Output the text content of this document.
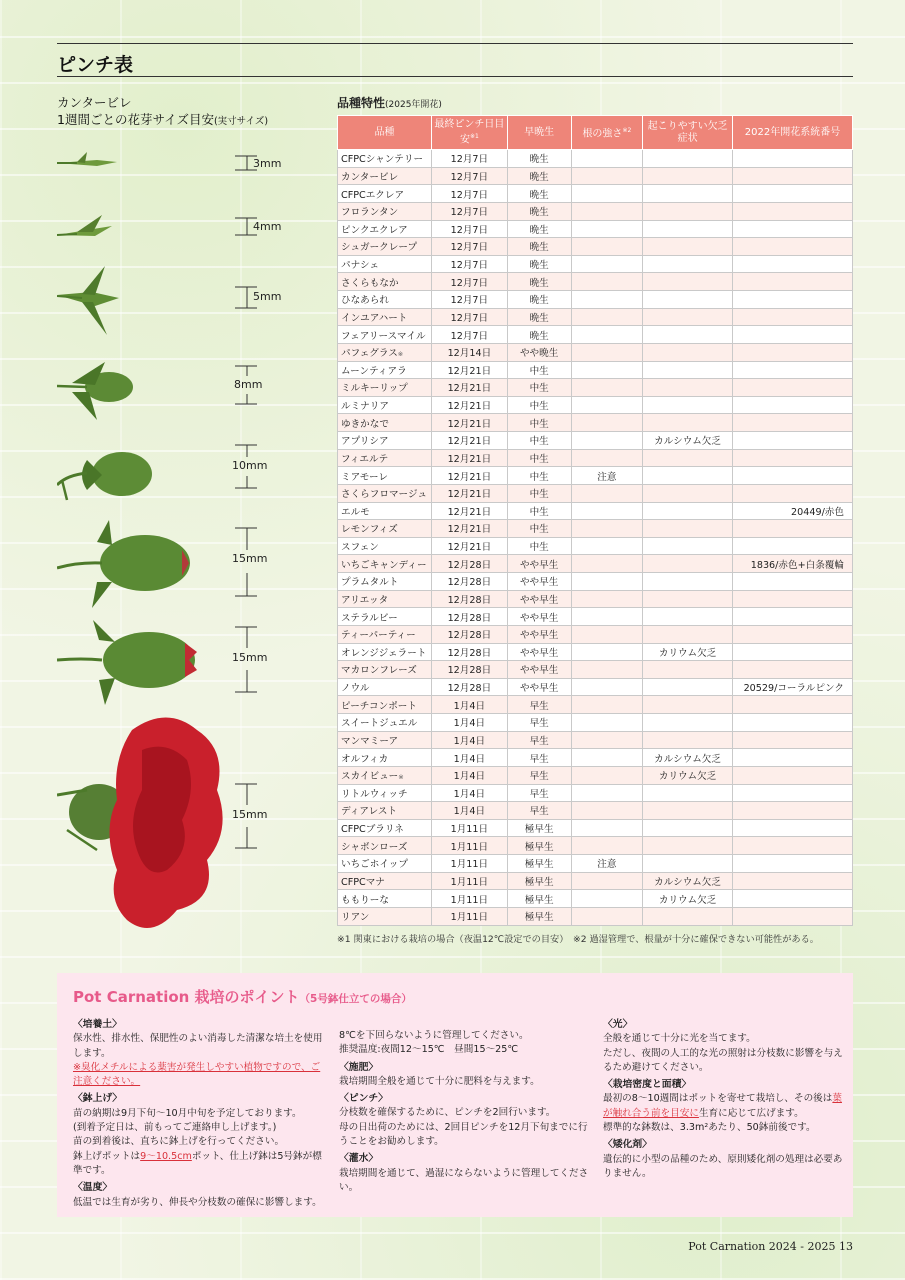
ピンチ表
カンタービレ
1週間ごとの花芽サイズ目安(実寸サイズ)
3mm
4mm
5mm
8mm
10mm
15mm
15mm
15mm
品種特性(2025年開花)
品種	最終ピンチ日目安$^{※1}$	早晩生	根の強さ$^{※2}$	起こりやすい欠乏症状	2022年開花系統番号
CFPCシャンテリー	12月7日	晩生			
カンタービレ	12月7日	晩生			
CFPCエクレア	12月7日	晩生			
フロランタン	12月7日	晩生			
ピンクエクレア	12月7日	晩生			
シュガークレープ	12月7日	晩生			
パナシェ	12月7日	晩生			
さくらもなか	12月7日	晩生			
ひなあられ	12月7日	晩生			
インユアハート	12月7日	晩生			
フェアリースマイル	12月7日	晩生			
パフェグラス※	12月14日	やや晩生			
ムーンティアラ	12月21日	中生			
ミルキーリップ	12月21日	中生			
ルミナリア	12月21日	中生			
ゆきかなで	12月21日	中生			
アプリシア	12月21日	中生		カルシウム欠乏	
フィエルテ	12月21日	中生			
ミアモーレ	12月21日	中生	注意		
さくらフロマージュ	12月21日	中生			
エルモ	12月21日	中生			20449/赤色
レモンフィズ	12月21日	中生			
スフェン	12月21日	中生			
いちごキャンディー	12月28日	やや早生			1836/赤色+白条覆輪
プラムタルト	12月28日	やや早生			
アリエッタ	12月28日	やや早生			
ステラルビー	12月28日	やや早生			
ティーパーティー	12月28日	やや早生			
オレンジジェラート	12月28日	やや早生		カリウム欠乏	
マカロンフレーズ	12月28日	やや早生			
ノウル	12月28日	やや早生			20529/コーラルピンク
ピーチコンポート	1月4日	早生			
スイートジュエル	1月4日	早生			
マンマミーア	1月4日	早生			
オルフィカ	1月4日	早生		カルシウム欠乏	
スカイビュー※	1月4日	早生		カリウム欠乏	
リトルウィッチ	1月4日	早生			
ディアレスト	1月4日	早生			
CFPCブラリネ	1月11日	極早生			
シャボンローズ	1月11日	極早生			
いちごホイップ	1月11日	極早生	注意		
CFPCマナ	1月11日	極早生		カルシウム欠乏	
ももりーな	1月11日	極早生		カリウム欠乏	
リアン	1月11日	極早生			
※1 関東における栽培の場合（夜温12℃設定での目安）　※2 過湿管理で、根量が十分に確保できない可能性がある。
Pot Carnation 栽培のポイント（5号鉢仕立ての場合）
〈培養土〉

保水性、排水性、保肥性のよい消毒した清潔な培土を使用します。

※臭化メチルによる薬害が発生しやすい植物ですので、ご注意ください。

〈鉢上げ〉

苗の納期は9月下旬～10月中旬を予定しております。

(到着予定日は、前もってご連絡申し上げます。)

苗の到着後は、直ちに鉢上げを行ってください。

鉢上げポットは9～10.5cmポット、仕上げ鉢は5号鉢が標準です。

〈温度〉

低温では生育が劣り、伸長や分枝数の確保に影響します。

8℃を下回らないように管理してください。

推奨温度:夜間12～15℃　昼間15～25℃

〈施肥〉

栽培期間全般を通じて十分に肥料を与えます。

〈ピンチ〉

分枝数を確保するために、ピンチを2回行います。

母の日出荷のためには、2回目ピンチを12月下旬までに行うことをお勧めします。

〈灌水〉

栽培期間を通じて、過湿にならないように管理してください。

〈光〉

全般を通じて十分に光を当てます。

ただし、夜間の人工的な光の照射は分枝数に影響を与えるため避けてください。

〈栽培密度と面積〉

最初の8～10週間はポットを寄せて栽培し、その後は葉が触れ合う前を目安に生育に応じて広げます。

標準的な鉢数は、3.3m²あたり、50鉢前後です。

〈矮化剤〉

遺伝的に小型の品種のため、原則矮化剤の処理は必要ありません。

Pot Carnation 2024 - 2025 13
